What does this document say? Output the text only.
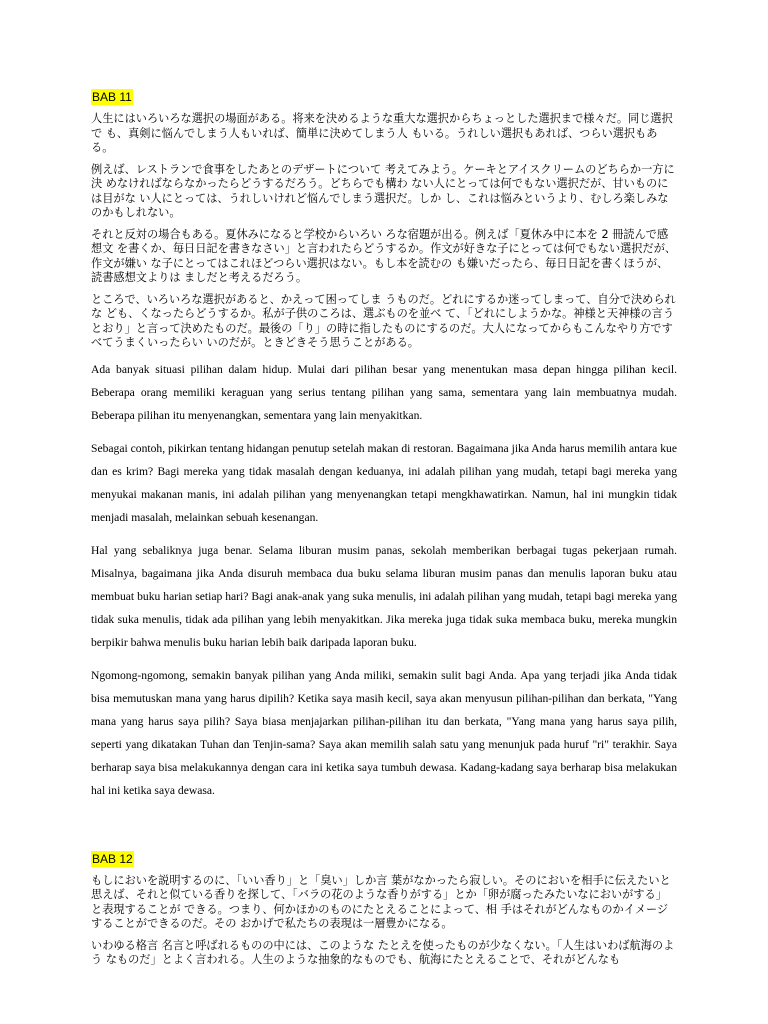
BAB 11

人生にはいろいろな選択の場面がある。将来を決めるような重大な選択からちょっとした選択まで様々だ。同じ選択で も、真剣に悩んでしまう人もいれば、簡単に決めてしまう人 もいる。うれしい選択もあれば、つらい選択もある。

例えば、レストランで食事をしたあとのデザートについて 考えてみよう。ケーキとアイスクリームのどちらか一方に決 めなければならなかったらどうするだろう。どちらでも構わ ない人にとっては何でもない選択だが、甘いものには目がな い人にとっては、うれしいけれど悩んでしまう選択だ。しか し、これは悩みというより、むしろ楽しみなのかもしれない。

それと反対の場合もある。夏休みになると学校からいろい ろな宿題が出る。例えば「夏休み中に本を 2 冊読んで感想文 を書くか、毎日日記を書きなさい」と言われたらどうするか。作文が好きな子にとっては何でもない選択だが、作文が嫌い な子にとってはこれほどつらい選択はない。もし本を読むの も嫌いだったら、毎日日記を書くほうが、読書感想文よりは ましだと考えるだろう。

ところで、いろいろな選択があると、かえって困ってしま うものだ。どれにするか迷ってしまって、自分で決められな ども、くなったらどうするか。私が子供のころは、選ぶものを並べ て、「どれにしようかな。神様と天神様の言うとおり」と言って決めたものだ。最後の「り」の時に指したものにするのだ。大人になってからもこんなやり方ですべてうまくいったらい いのだが。ときどきそう思うことがある。

Ada banyak situasi pilihan dalam hidup. Mulai dari pilihan besar yang menentukan masa depan hingga pilihan kecil. Beberapa orang memiliki keraguan yang serius tentang pilihan yang sama, sementara yang lain membuatnya mudah. Beberapa pilihan itu menyenangkan, sementara yang lain menyakitkan.

Sebagai contoh, pikirkan tentang hidangan penutup setelah makan di restoran. Bagaimana jika Anda harus memilih antara kue dan es krim? Bagi mereka yang tidak masalah dengan keduanya, ini adalah pilihan yang mudah, tetapi bagi mereka yang menyukai makanan manis, ini adalah pilihan yang menyenangkan tetapi mengkhawatirkan. Namun, hal ini mungkin tidak menjadi masalah, melainkan sebuah kesenangan.

Hal yang sebaliknya juga benar. Selama liburan musim panas, sekolah memberikan berbagai tugas pekerjaan rumah. Misalnya, bagaimana jika Anda disuruh membaca dua buku selama liburan musim panas dan menulis laporan buku atau membuat buku harian setiap hari? Bagi anak-anak yang suka menulis, ini adalah pilihan yang mudah, tetapi bagi mereka yang tidak suka menulis, tidak ada pilihan yang lebih menyakitkan. Jika mereka juga tidak suka membaca buku, mereka mungkin berpikir bahwa menulis buku harian lebih baik daripada laporan buku.

Ngomong-ngomong, semakin banyak pilihan yang Anda miliki, semakin sulit bagi Anda. Apa yang terjadi jika Anda tidak bisa memutuskan mana yang harus dipilih? Ketika saya masih kecil, saya akan menyusun pilihan-pilihan dan berkata, "Yang mana yang harus saya pilih? Saya biasa menjajarkan pilihan-pilihan itu dan berkata, "Yang mana yang harus saya pilih, seperti yang dikatakan Tuhan dan Tenjin-sama? Saya akan memilih salah satu yang menunjuk pada huruf "ri" terakhir. Saya berharap saya bisa melakukannya dengan cara ini ketika saya tumbuh dewasa. Kadang-kadang saya berharap bisa melakukan hal ini ketika saya dewasa.

BAB 12

もしにおいを説明するのに、「いい香り」と「臭い」しか言 葉がなかったら寂しい。そのにおいを相手に伝えたいと思えば、それと似ている香りを探して、「バラの花のような香りがする」とか「卵が腐ったみたいなにおいがする」と表現することが できる。つまり、何かほかのものにたとえることによって、相 手はそれがどんなものかイメージすることができるのだ。その おかげで私たちの表現は一層豊かになる。

いわゆる格言 名言と呼ばれるものの中には、このような たとえを使ったものが少なくない。「人生はいわば航海のよう なものだ」とよく言われる。人生のような抽象的なものでも、航海にたとえることで、それがどんなも
